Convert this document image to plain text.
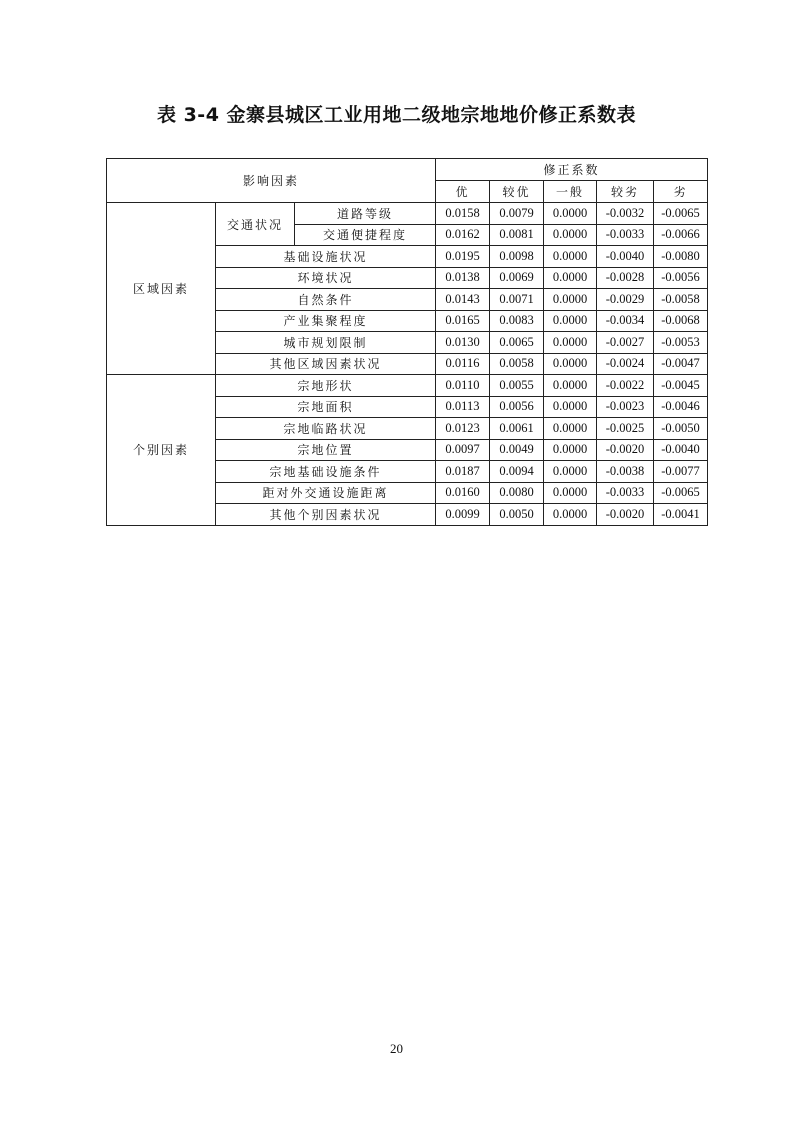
表 3-4 金寨县城区工业用地二级地宗地地价修正系数表
影响因素			修正系数				
			优	较优	一般	较劣	劣
区域因素	交通状况	道路等级	0.0158	0.0079	0.0000	-0.0032	-0.0065
		交通便捷程度	0.0162	0.0081	0.0000	-0.0033	-0.0066
	基础设施状况		0.0195	0.0098	0.0000	-0.0040	-0.0080
	环境状况		0.0138	0.0069	0.0000	-0.0028	-0.0056
	自然条件		0.0143	0.0071	0.0000	-0.0029	-0.0058
	产业集聚程度		0.0165	0.0083	0.0000	-0.0034	-0.0068
	城市规划限制		0.0130	0.0065	0.0000	-0.0027	-0.0053
	其他区域因素状况		0.0116	0.0058	0.0000	-0.0024	-0.0047
个别因素	宗地形状		0.0110	0.0055	0.0000	-0.0022	-0.0045
	宗地面积		0.0113	0.0056	0.0000	-0.0023	-0.0046
	宗地临路状况		0.0123	0.0061	0.0000	-0.0025	-0.0050
	宗地位置		0.0097	0.0049	0.0000	-0.0020	-0.0040
	宗地基础设施条件		0.0187	0.0094	0.0000	-0.0038	-0.0077
	距对外交通设施距离		0.0160	0.0080	0.0000	-0.0033	-0.0065
	其他个别因素状况		0.0099	0.0050	0.0000	-0.0020	-0.0041
20
